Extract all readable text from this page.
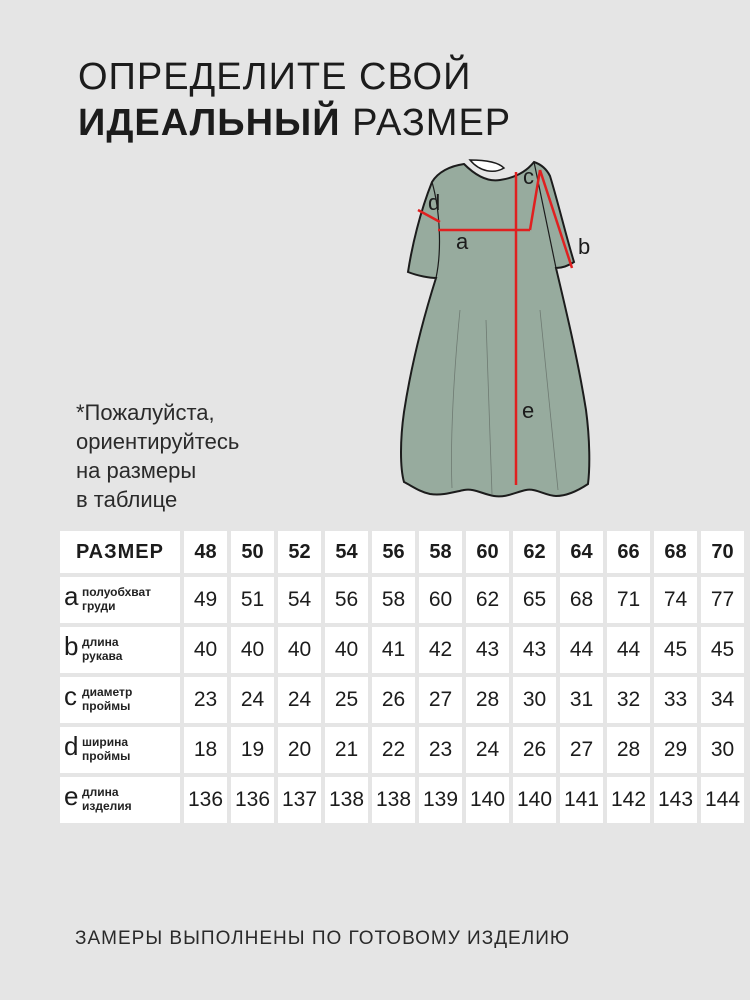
ОПРЕДЕЛИТЕ СВОЙ
ИДЕАЛЬНЫЙ РАЗМЕР
a	b
c
d
e
*Пожалуйста,
ориентируйтесь
на размеры
в таблице
РАЗМЕР	48	50	52	54	56	58	60	62	64	66	68	70

a полуобхват
груди	49	51	54	56	58	60	62	65	68	71	74	77

b длина
рукава	40	40	40	40	41	42	43	43	44	44	45	45

c диаметр
проймы	23	24	24	25	26	27	28	30	31	32	33	34

d ширина
проймы	18	19	20	21	22	23	24	26	27	28	29	30

e длина
изделия	136	136	137	138	138	139	140	140	141	142	143	144
ЗАМЕРЫ ВЫПОЛНЕНЫ ПО ГОТОВОМУ ИЗДЕЛИЮ
